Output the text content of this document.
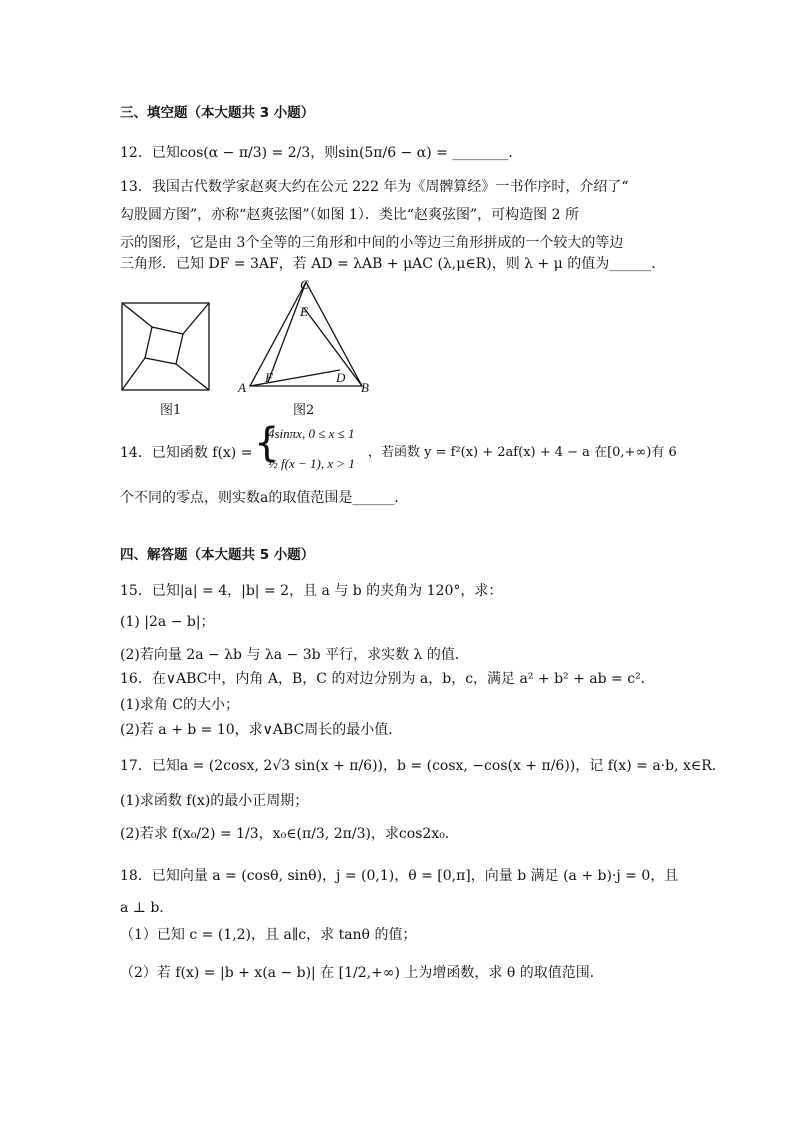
三、填空题（本大题共 3 小题）
12．已知cos(α − π/3) = 2/3，则sin(5π/6 − α) = ________．
13．我国古代数学家赵爽大约在公元 222 年为《周髀算经》一书作序时，介绍了“
勾股圆方图”，亦称“赵爽弦图”（如图 1）．类比“赵爽弦图”，可构造图 2 所
示的图形，它是由 3个全等的三角形和中间的小等边三角形拼成的一个较大的等边
三角形．已知 DF = 3AF，若 AD = λAB + μAC (λ,μ∈R)，则 λ + μ 的值为______．
图1
C
E
F	D
A	B
图2
14．已知函数 f(x) = {
4sinπx, 0 ≤ x ≤ 1
½ f(x − 1), x > 1
，若函数 y = f²(x) + 2af(x) + 4 − a 在[0,+∞)有 6
个不同的零点，则实数a的取值范围是______．
四、解答题（本大题共 5 小题）
15．已知|a| = 4，|b| = 2，且 a 与 b 的夹角为 120°，求：
(1) |2a − b|；
(2)若向量 2a − λb 与 λa − 3b 平行，求实数 λ 的值．
16．在∨ABC中，内角 A，B，C 的对边分别为 a，b，c，满足 a² + b² + ab = c²．
(1)求角 C的大小；
(2)若 a + b = 10，求∨ABC周长的最小值．
17．已知a = (2cosx, 2√3 sin(x + π/6))，b = (cosx, −cos(x + π/6))，记 f(x) = a·b, x∈R．
(1)求函数 f(x)的最小正周期；
(2)若求 f(x₀/2) = 1/3，x₀∈(π/3, 2π/3)，求cos2x₀．
18．已知向量 a = (cosθ, sinθ)，j = (0,1)，θ = [0,π]，向量 b 满足 (a + b)·j = 0，且
a ⊥ b．
（1）已知 c = (1,2)，且 a∥c，求 tanθ 的值；
（2）若 f(x) = |b + x(a − b)| 在 [1/2,+∞) 上为增函数，求 θ 的取值范围．
